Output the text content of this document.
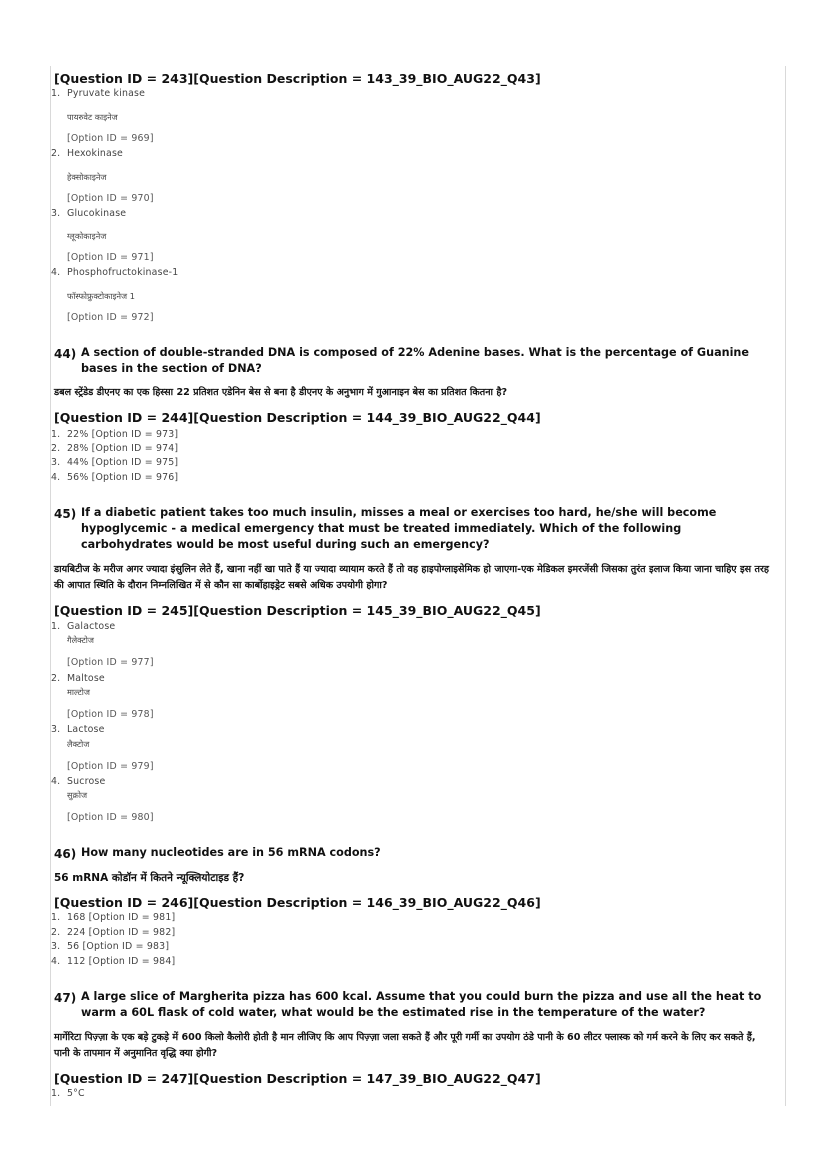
[Question ID = 243][Question Description = 143_39_BIO_AUG22_Q43]
1. Pyruvate kinase
पायरुवेट काइनेज
[Option ID = 969]
2. Hexokinase
हेक्सोकाइनेज
[Option ID = 970]
3. Glucokinase
ग्लूकोकाइनेज
[Option ID = 971]
4. Phosphofructokinase-1
फॉस्फोफ्रुक्टोकाइनेज 1
[Option ID = 972]
44) A section of double-stranded DNA is composed of 22% Adenine bases. What is the percentage of Guanine bases in the section of DNA?
डबल स्ट्रेंडेड डीएनए का एक हिस्सा 22 प्रतिशत एडेनिन बेस से बना है डीएनए के अनुभाग में गुआनाइन बेस का प्रतिशत कितना है?
[Question ID = 244][Question Description = 144_39_BIO_AUG22_Q44]
1. 22% [Option ID = 973]
2. 28% [Option ID = 974]
3. 44% [Option ID = 975]
4. 56% [Option ID = 976]
45) If a diabetic patient takes too much insulin, misses a meal or exercises too hard, he/she will become hypoglycemic - a medical emergency that must be treated immediately. Which of the following carbohydrates would be most useful during such an emergency?
डायबिटीज के मरीज अगर ज्यादा इंसुलिन लेते हैं, खाना नहीं खा पाते हैं या ज्यादा व्यायाम करते हैं तो वह हाइपोग्लाइसेमिक हो जाएगा-एक मेडिकल इमरजेंसी जिसका तुरंत इलाज किया जाना चाहिए इस तरह की आपात स्थिति के दौरान निम्नलिखित में से कौन सा कार्बोहाइड्रेट सबसे अधिक उपयोगी होगा?
[Question ID = 245][Question Description = 145_39_BIO_AUG22_Q45]
1. Galactose
गैलेक्टोज
[Option ID = 977]
2. Maltose
माल्टोज
[Option ID = 978]
3. Lactose
लैक्टोज
[Option ID = 979]
4. Sucrose
सुक्रोज
[Option ID = 980]
46) How many nucleotides are in 56 mRNA codons?
56 mRNA कोडॉन में कितने न्यूक्लियोटाइड हैं?
[Question ID = 246][Question Description = 146_39_BIO_AUG22_Q46]
1. 168 [Option ID = 981]
2. 224 [Option ID = 982]
3. 56 [Option ID = 983]
4. 112 [Option ID = 984]
47) A large slice of Margherita pizza has 600 kcal. Assume that you could burn the pizza and use all the heat to warm a 60L flask of cold water, what would be the estimated rise in the temperature of the water?
मार्गेरिटा पिज़्ज़ा के एक बड़े टुकड़े में 600 किलो कैलोरी होती है मान लीजिए कि आप पिज़्ज़ा जला सकते हैं और पूरी गर्मी का उपयोग ठंडे पानी के 60 लीटर फ्लास्क को गर्म करने के लिए कर सकते हैं, पानी के तापमान में अनुमानित वृद्धि क्या होगी?
[Question ID = 247][Question Description = 147_39_BIO_AUG22_Q47]
1. 5°C
